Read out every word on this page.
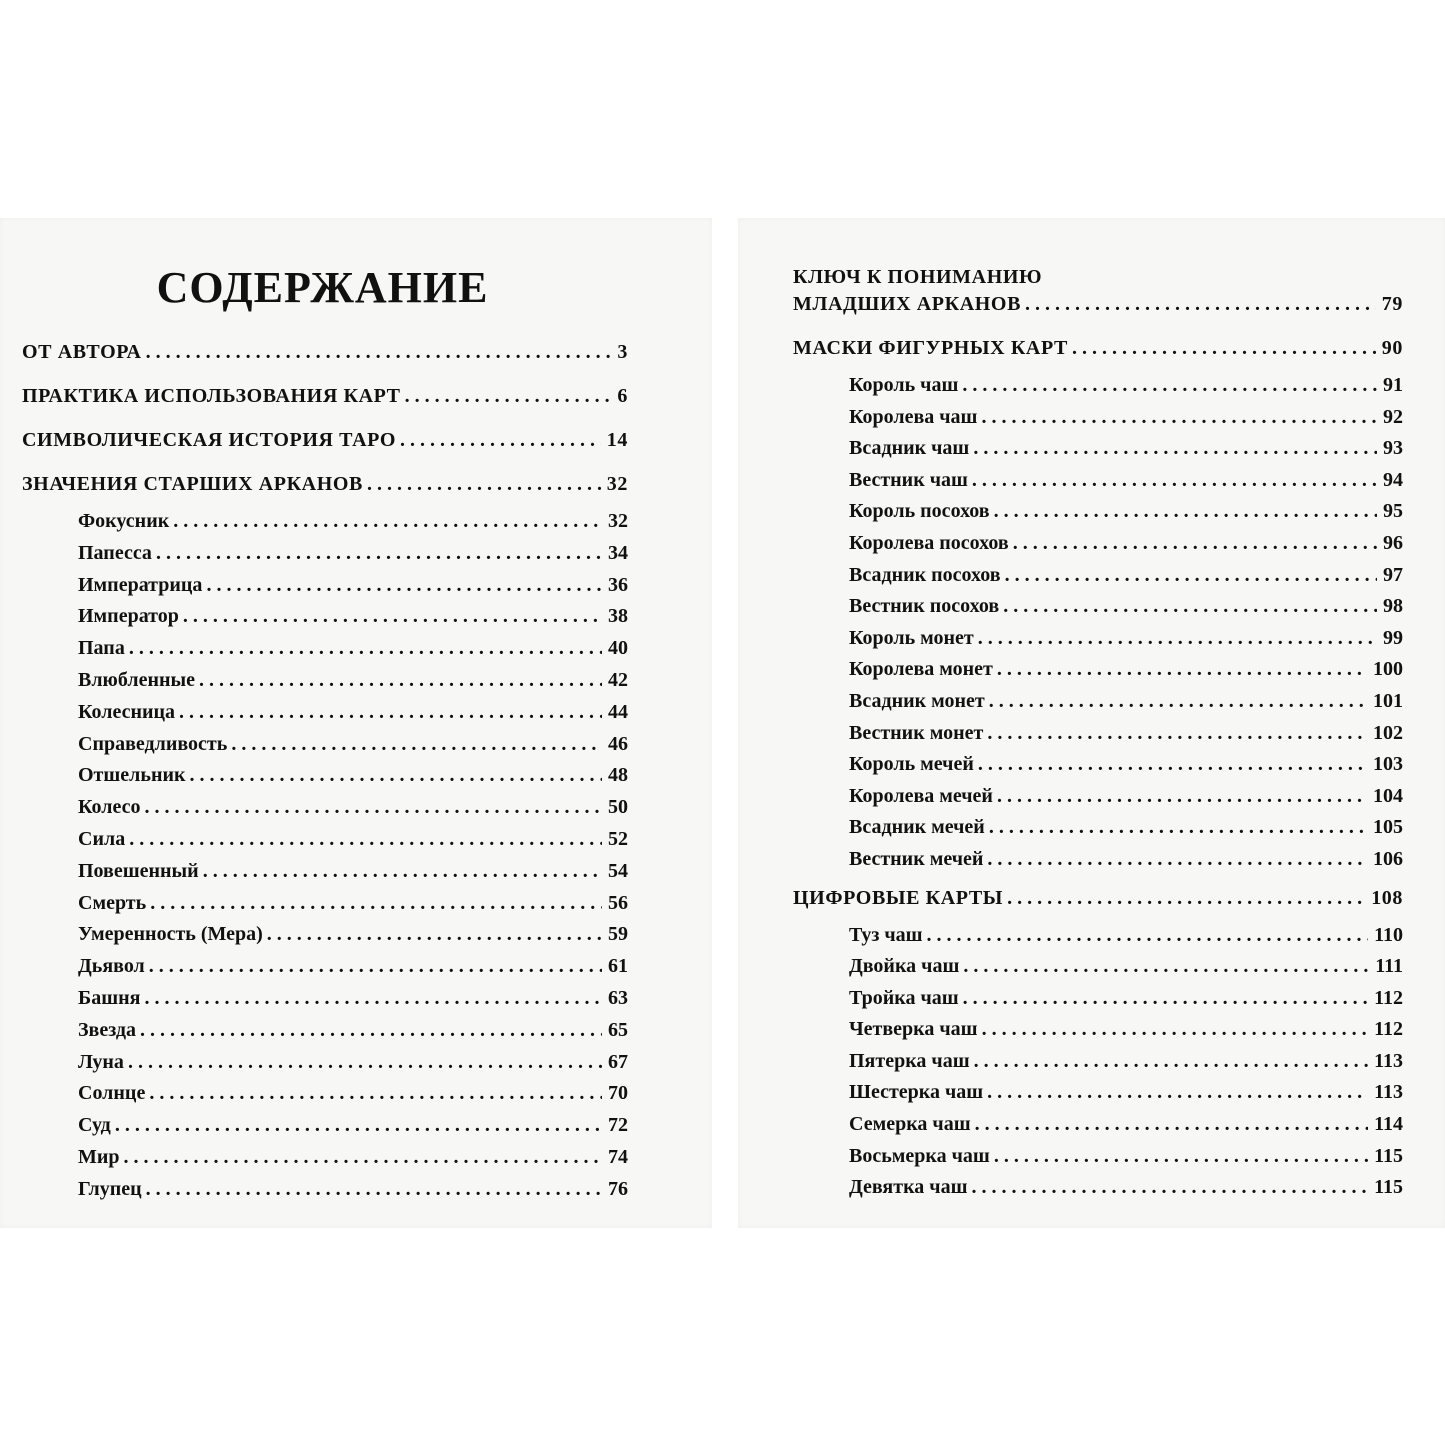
СОДЕРЖАНИЕ
ОТ АВТОРА . . .	3
ПРАКТИКА ИСПОЛЬЗОВАНИЯ КАРТ . . .	6
СИМВОЛИЧЕСКАЯ ИСТОРИЯ ТАРО . . .	14
ЗНАЧЕНИЯ СТАРШИХ АРКАНОВ . . .	32
Фокусник . . .	32
Папесса . . .	34
Императрица . . .	36
Император . . .	38
Папа . . .	40
Влюбленные . . .	42
Колесница . . .	44
Справедливость . . .	46
Отшельник . . .	48
Колесо . . .	50
Сила . . .	52
Повешенный . . .	54
Смерть . . .	56
Умеренность (Мера) . . .	59
Дьявол . . .	61
Башня . . .	63
Звезда . . .	65
Луна . . .	67
Солнце . . .	70
Суд . . .	72
Мир . . .	74
Глупец . . .	76
КЛЮЧ К ПОНИМАНИЮ
МЛАДШИХ АРКАНОВ . . .	79
МАСКИ ФИГУРНЫХ КАРТ . . .	90
Король чаш . . .	91
Королева чаш . . .	92
Всадник чаш . . .	93
Вестник чаш . . .	94
Король посохов . . .	95
Королева посохов . . .	96
Всадник посохов . . .	97
Вестник посохов . . .	98
Король монет . . .	99
Королева монет . . .	100
Всадник монет . . .	101
Вестник монет . . .	102
Король мечей . . .	103
Королева мечей . . .	104
Всадник мечей . . .	105
Вестник мечей . . .	106
ЦИФРОВЫЕ КАРТЫ . . .	108
Туз чаш . . .	110
Двойка чаш . . .	111
Тройка чаш . . .	112
Четверка чаш . . .	112
Пятерка чаш . . .	113
Шестерка чаш . . .	113
Семерка чаш . . .	114
Восьмерка чаш . . .	115
Девятка чаш . . .	115
